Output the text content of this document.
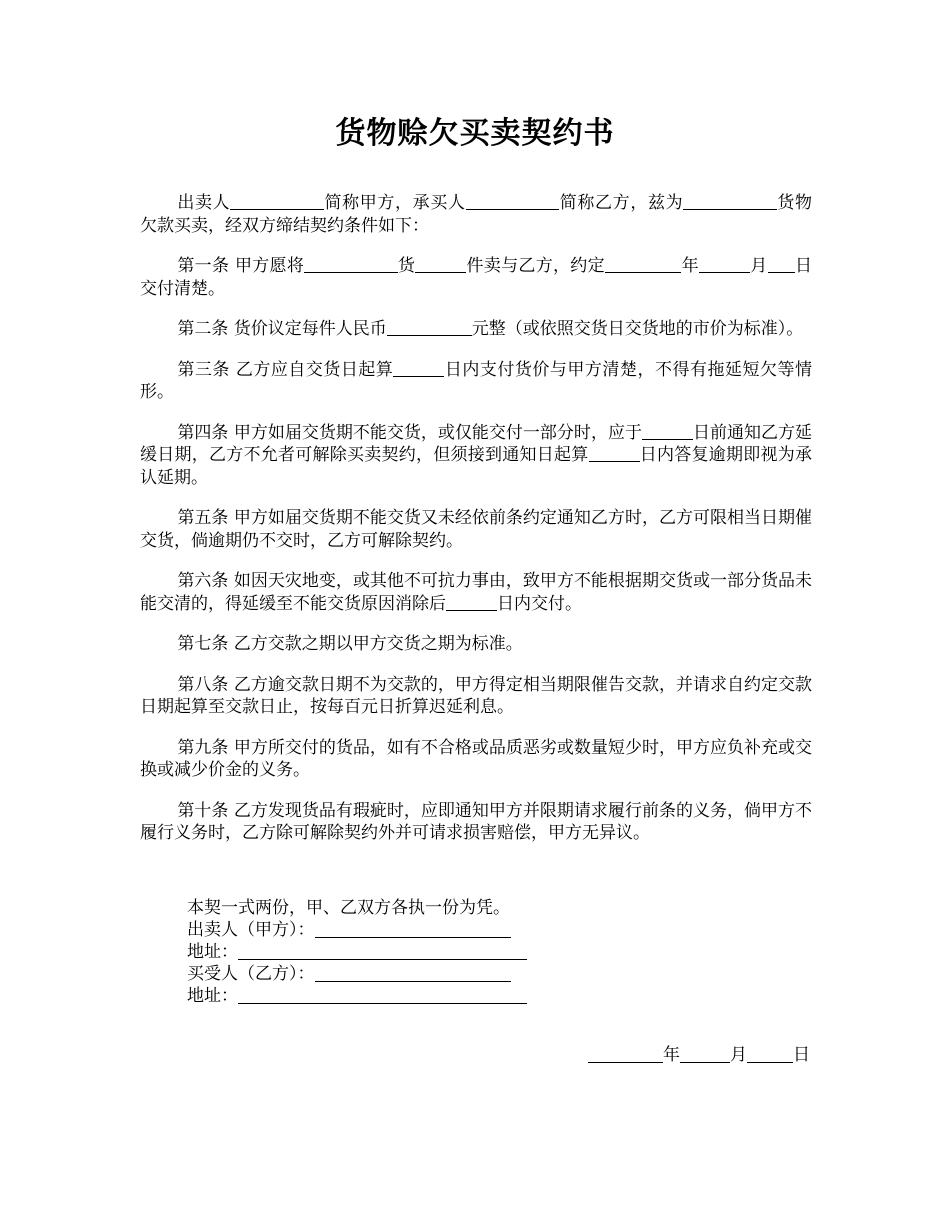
货物赊欠买卖契约书

出卖人	简称甲方，承买人	简称乙方，兹为	货物欠款买卖，经双方缔结契约条件如下：

第一条 甲方愿将	货	件卖与乙方，约定	年	月 日交付清楚。

第二条 货价议定每件人民币	元整（或依照交货日交货地的市价为标准）。

第三条 乙方应自交货日起算	日内支付货价与甲方清楚，不得有拖延短欠等情形。

第四条 甲方如届交货期不能交货，或仅能交付一部分时，应于	日前通知乙方延缓日期，乙方不允者可解除买卖契约，但须接到通知日起算	日内答复逾期即视为承认延期。

第五条 甲方如届交货期不能交货又未经依前条约定通知乙方时，乙方可限相当日期催交货，倘逾期仍不交时，乙方可解除契约。

第六条 如因天灾地变，或其他不可抗力事由，致甲方不能根据期交货或一部分货品未能交清的，得延缓至不能交货原因消除后	日内交付。

第七条 乙方交款之期以甲方交货之期为标准。

第八条 乙方逾交款日期不为交款的，甲方得定相当期限催告交款，并请求自约定交款日期起算至交款日止，按每百元日折算迟延利息。

第九条 甲方所交付的货品，如有不合格或品质恶劣或数量短少时，甲方应负补充或交换或减少价金的义务。

第十条 乙方发现货品有瑕疵时，应即通知甲方并限期请求履行前条的义务，倘甲方不履行义务时，乙方除可解除契约外并可请求损害赔偿，甲方无异议。

本契一式两份，甲、乙双方各执一份为凭。

出卖人（甲方）：

地址：

买受人（乙方）：

地址：

年	月	日
